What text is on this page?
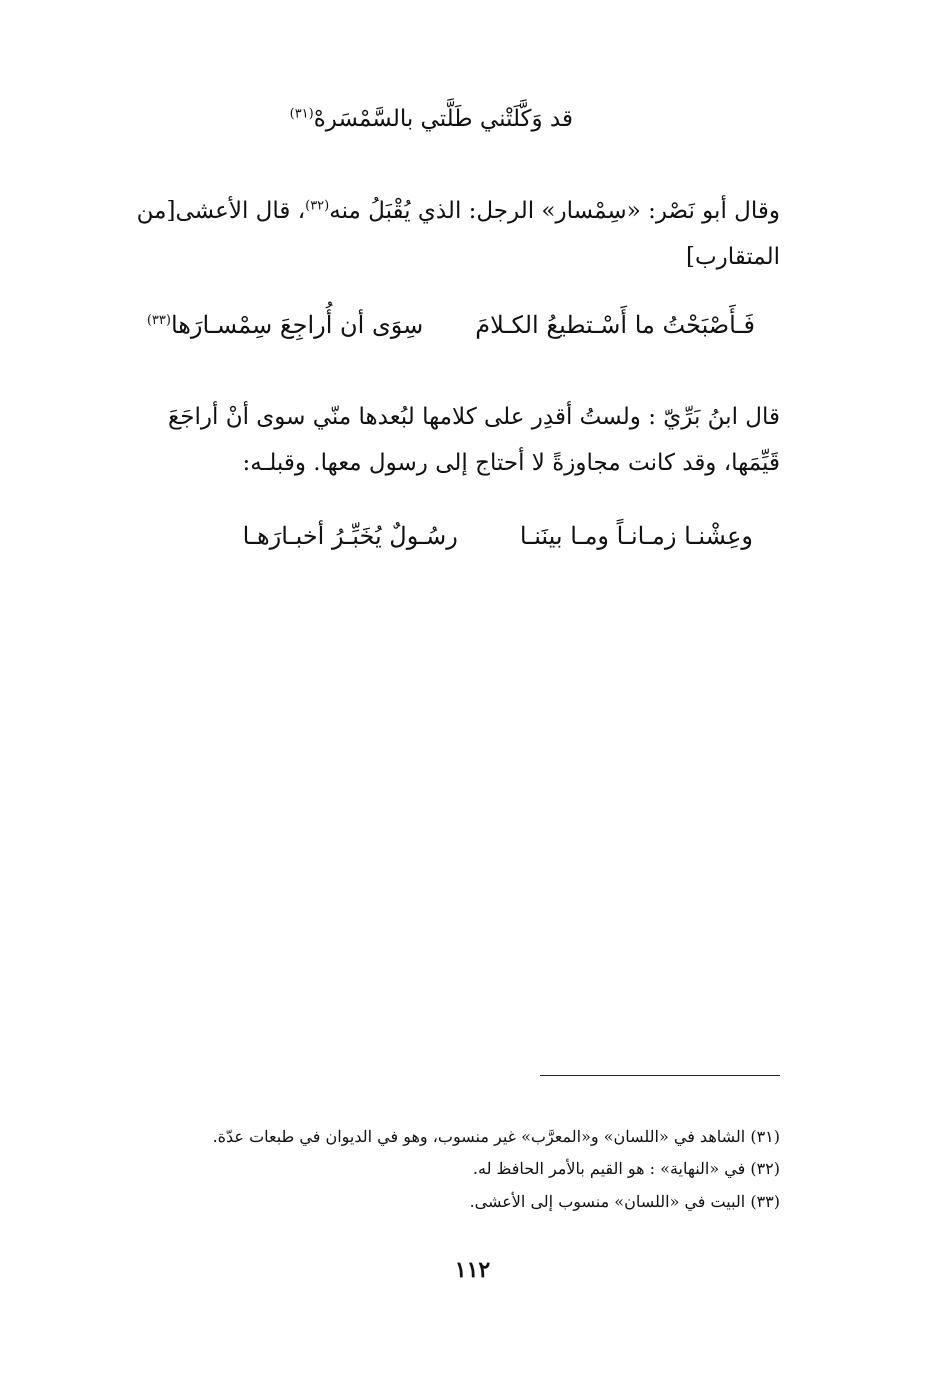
قد وَكَّلَتْني طَلَّتي بالسَّمْسَرهْ$^{(٣١)}$
وقال أبو نَصْر: «سِمْسار» الرجل: الذي يُقْبَلُ منه$^{(٣٢)}$، قال الأعشى[من
المتقارب]
فَـأَصْبَحْتُ ما أَسْـتطيعُ الكـلامَ
سِوَى أن أُراجِعَ سِمْسـارَها$^{(٣٣)}$
قال ابنُ بَرِّيّ : ولستُ أقدِر على كلامها لبُعدها منّي سوى أنْ أراجَعَ
قَيِّمَها، وقد كانت مجاوزةً لا أحتاج إلى رسول معها. وقبلـه:
وعِشْنـا زمـانـاً ومـا بينَنـا
رسُـولٌ يُخَبِّـرُ أخبـارَهـا
(٣١) الشاهد في «اللسان» و«المعرَّب» غير منسوب، وهو في الديوان في طبعات عدّة.
(٣٢) في «النهاية» : هو القيم بالأمر الحافظ له.
(٣٣) البيت في «اللسان» منسوب إلى الأعشى.
١١٢
